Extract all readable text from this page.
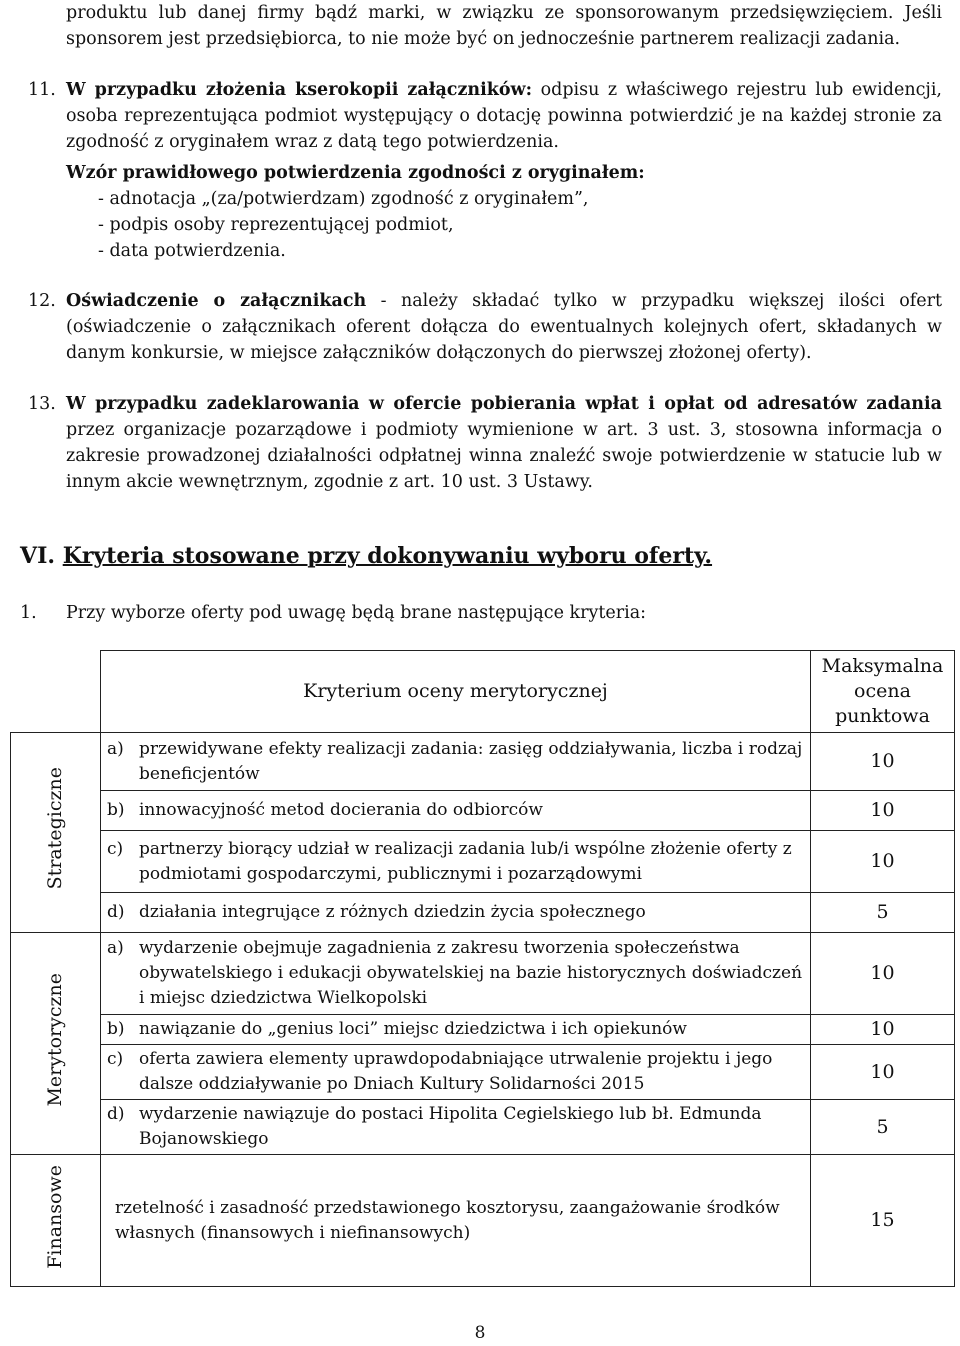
produktu lub danej firmy bądź marki, w związku ze sponsorowanym przedsięwzięciem. Jeśli
sponsorem jest przedsiębiorca, to nie może być on jednocześnie partnerem realizacji zadania.
11. W przypadku złożenia kserokopii załączników: odpisu z właściwego rejestru lub ewidencji, osoba reprezentująca podmiot występujący o dotację powinna potwierdzić je na każdej stronie za zgodność z oryginałem wraz z datą tego potwierdzenia.
Wzór prawidłowego potwierdzenia zgodności z oryginałem:
- adnotacja „(za/potwierdzam) zgodność z oryginałem”,
- podpis osoby reprezentującej podmiot,
- data potwierdzenia.
12. Oświadczenie o załącznikach - należy składać tylko w przypadku większej ilości ofert (oświadczenie o załącznikach oferent dołącza do ewentualnych kolejnych ofert, składanych w danym konkursie, w miejsce załączników dołączonych do pierwszej złożonej oferty).
13. W przypadku zadeklarowania w ofercie pobierania wpłat i opłat od adresatów zadania przez organizacje pozarządowe i podmioty wymienione w art. 3 ust. 3, stosowna informacja o zakresie prowadzonej działalności odpłatnej winna znaleźć swoje potwierdzenie w statucie lub w innym akcie wewnętrznym, zgodnie z art. 10 ust. 3 Ustawy.
VI. Kryteria stosowane przy dokonywaniu wyboru oferty.
1. Przy wyborze oferty pod uwagę będą brane następujące kryteria:
	Kryterium oceny merytorycznej	Maksymalna ocena punktowa
Strategiczne	a) przewidywane efekty realizacji zadania: zasięg oddziaływania, liczba i rodzaj beneficjentów	10

	b) innowacyjność metod docierania do odbiorców	10

	c) partnerzy biorący udział w realizacji zadania lub/i wspólne złożenie oferty z podmiotami gospodarczymi, publicznymi i pozarządowymi	10

	d) działania integrujące z różnych dziedzin życia społecznego	5
Merytoryczne	a) wydarzenie obejmuje zagadnienia z zakresu tworzenia społeczeństwa obywatelskiego i edukacji obywatelskiej na bazie historycznych doświadczeń i miejsc dziedzictwa Wielkopolski	10

	b) nawiązanie do „genius loci” miejsc dziedzictwa i ich opiekunów	10

	c) oferta zawiera elementy uprawdopodabniające utrwalenie projektu i jego dalsze oddziaływanie po Dniach Kultury Solidarności 2015	10

	d) wydarzenie nawiązuje do postaci Hipolita Cegielskiego lub bł. Edmunda Bojanowskiego	5
Finansowe	rzetelność i zasadność przedstawionego kosztorysu, zaangażowanie środków własnych (finansowych i niefinansowych)	15
8
